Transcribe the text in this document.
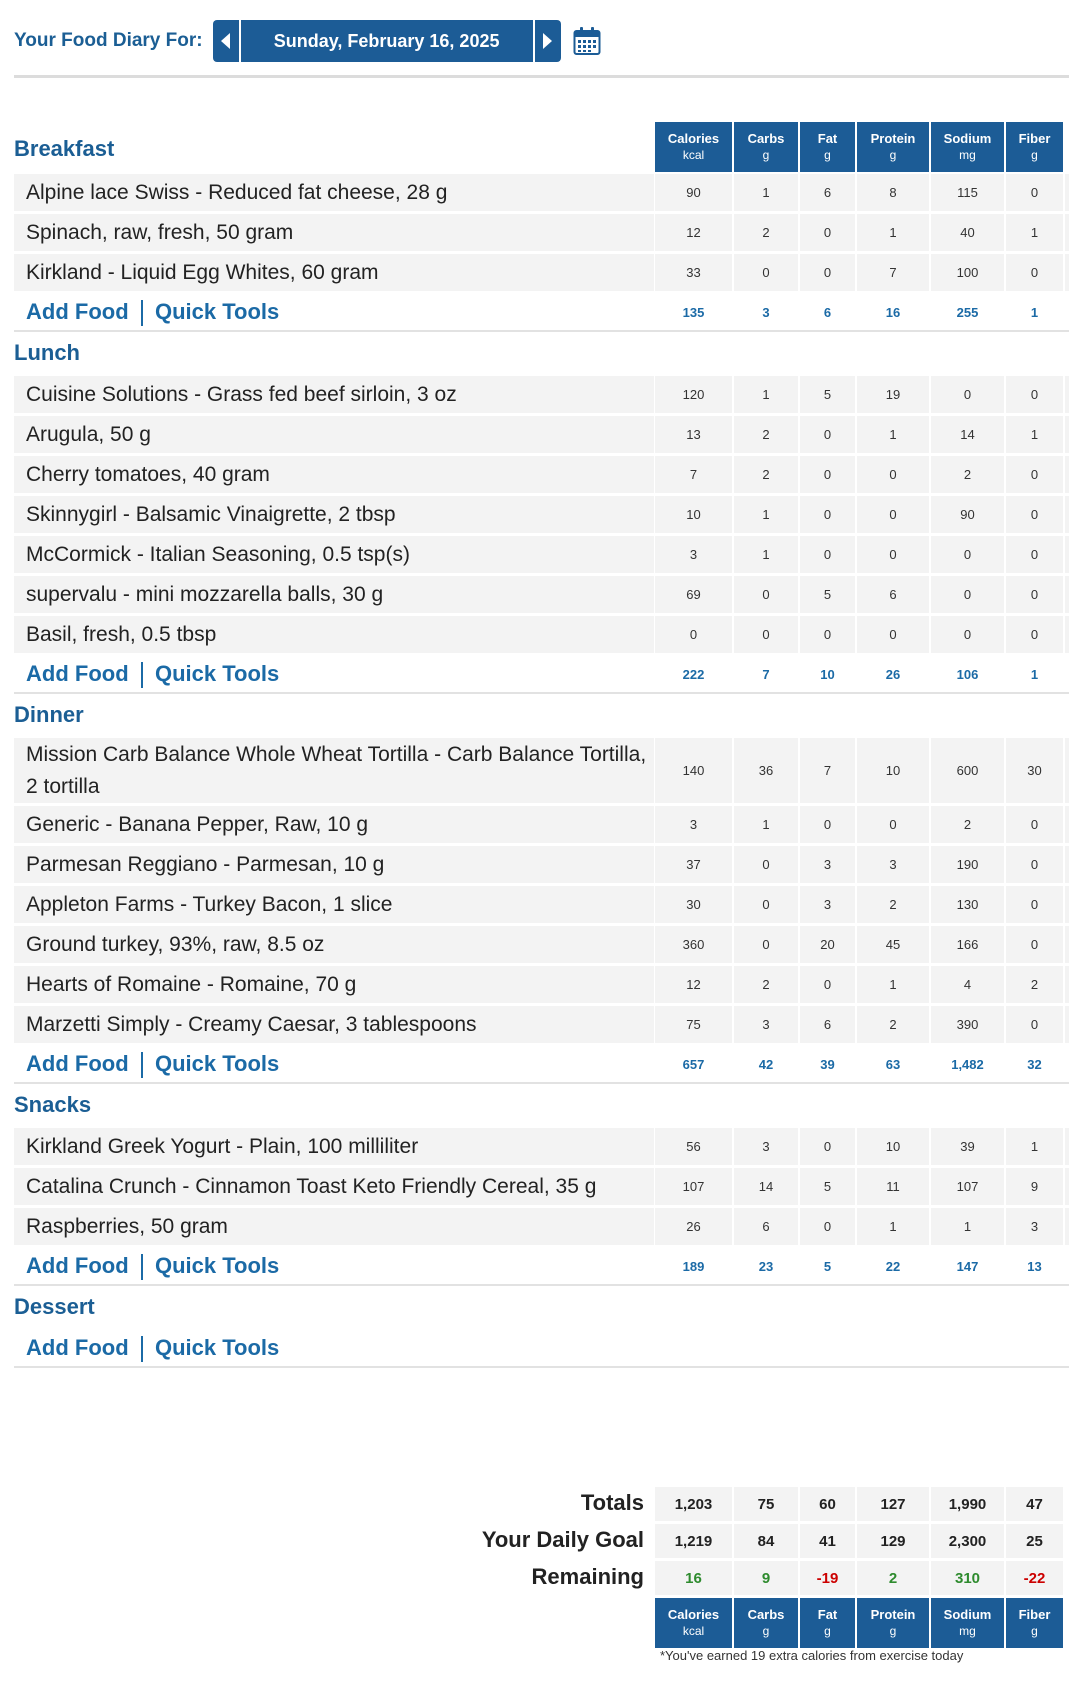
Your Food Diary For:	Sunday, February 16, 2025
Calories
kcal
Carbs
g
Fat
g
Protein
g
Sodium
mg
Fiber
g
Breakfast
Alpine lace Swiss - Reduced fat cheese, 28 g	90	1	6	8	115	0
Spinach, raw, fresh, 50 gram	12	2	0	1	40	1
Kirkland - Liquid Egg Whites, 60 gram	33	0	0	7	100	0
Add Food Quick Tools	135	3	6	16	255	1
Lunch
Cuisine Solutions - Grass fed beef sirloin, 3 oz	120	1	5	19	0	0
Arugula, 50 g	13	2	0	1	14	1
Cherry tomatoes, 40 gram	7	2	0	0	2	0
Skinnygirl - Balsamic Vinaigrette, 2 tbsp	10	1	0	0	90	0
McCormick - Italian Seasoning, 0.5 tsp(s)	3	1	0	0	0	0
supervalu - mini mozzarella balls, 30 g	69	0	5	6	0	0
Basil, fresh, 0.5 tbsp	0	0	0	0	0	0
Add Food Quick Tools	222	7	10	26	106	1
Dinner
Mission Carb Balance Whole Wheat Tortilla - Carb Balance Tortilla, 2 tortilla
140	36	7	10	600	30
Generic - Banana Pepper, Raw, 10 g	3	1	0	0	2	0
Parmesan Reggiano - Parmesan, 10 g	37	0	3	3	190	0
Appleton Farms - Turkey Bacon, 1 slice	30	0	3	2	130	0
Ground turkey, 93%, raw, 8.5 oz	360	0	20	45	166	0
Hearts of Romaine - Romaine, 70 g	12	2	0	1	4	2
Marzetti Simply - Creamy Caesar, 3 tablespoons	75	3	6	2	390	0
Add Food Quick Tools	657	42	39	63	1,482	32
Snacks
Kirkland Greek Yogurt - Plain, 100 milliliter	56	3	0	10	39	1
Catalina Crunch - Cinnamon Toast Keto Friendly Cereal, 35 g	107	14	5	11	107	9
Raspberries, 50 gram	26	6	0	1	1	3
Add Food Quick Tools	189	23	5	22	147	13
Dessert
Add Food Quick Tools
Totals	1,203	75	60	127	1,990	47
Your Daily Goal	1,219	84	41	129	2,300	25
Remaining	16	9	-19	2	310	-22
Calories
kcal
Carbs
g
Fat
g
Protein
g
Sodium
mg
Fiber
g
*You've earned 19 extra calories from exercise today
